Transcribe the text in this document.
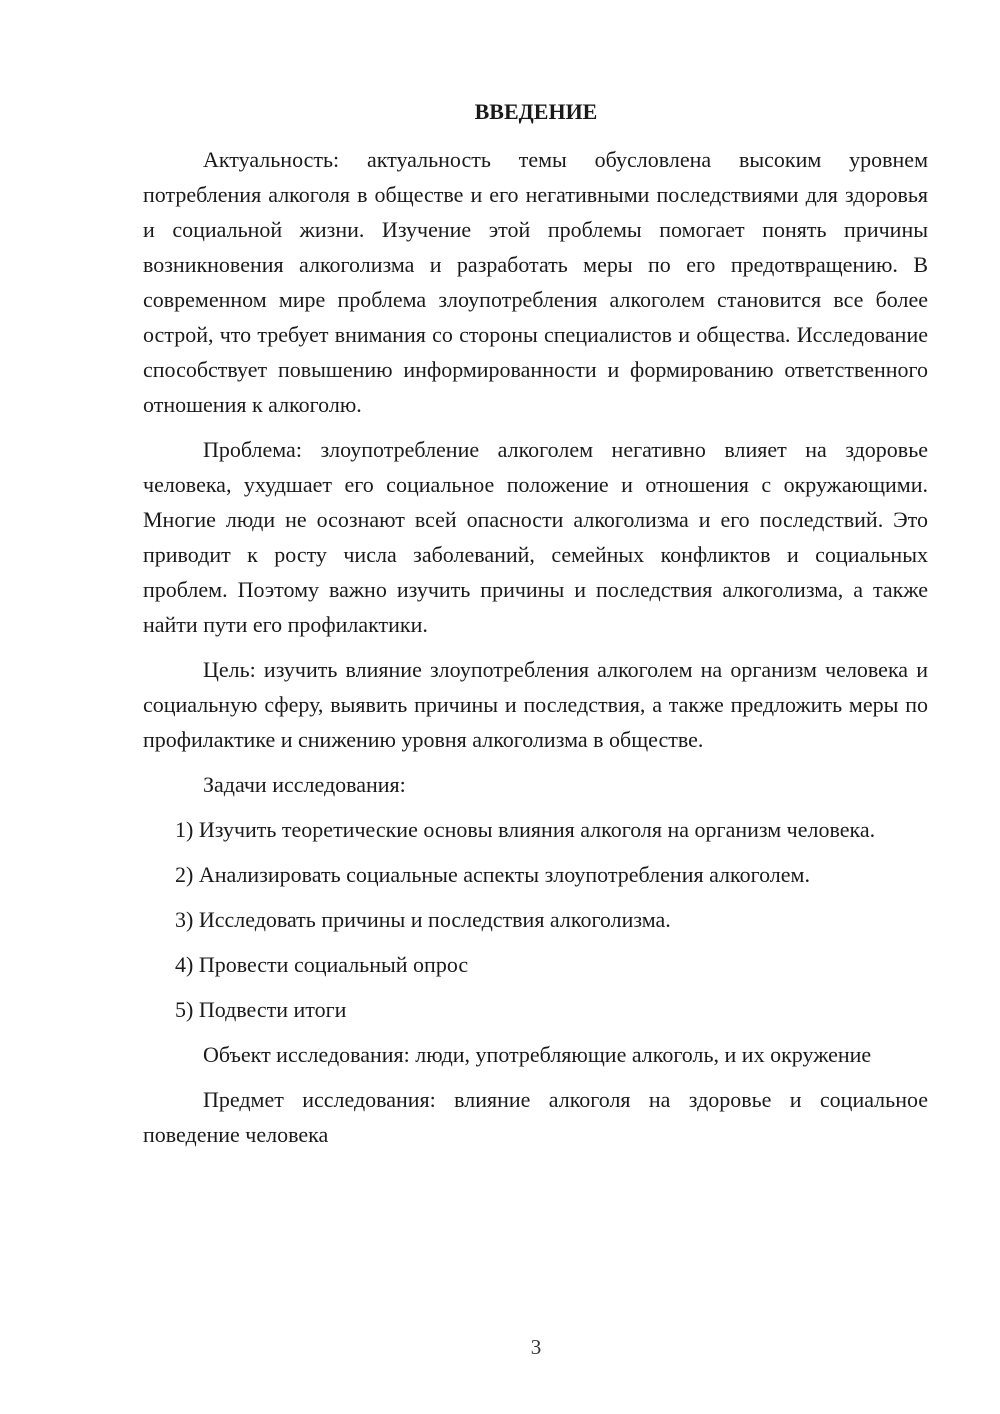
ВВЕДЕНИЕ

Актуальность: актуальность темы обусловлена высоким уровнем потребления алкоголя в обществе и его негативными последствиями для здоровья и социальной жизни. Изучение этой проблемы помогает понять причины возникновения алкоголизма и разработать меры по его предотвращению. В современном мире проблема злоупотребления алкоголем становится все более острой, что требует внимания со стороны специалистов и общества. Исследование способствует повышению информированности и формированию ответственного отношения к алкоголю.

Проблема: злоупотребление алкоголем негативно влияет на здоровье человека, ухудшает его социальное положение и отношения с окружающими. Многие люди не осознают всей опасности алкоголизма и его последствий. Это приводит к росту числа заболеваний, семейных конфликтов и социальных проблем. Поэтому важно изучить причины и последствия алкоголизма, а также найти пути его профилактики.

Цель: изучить влияние злоупотребления алкоголем на организм человека и социальную сферу, выявить причины и последствия, а также предложить меры по профилактике и снижению уровня алкоголизма в обществе.

Задачи исследования:

1) Изучить теоретические основы влияния алкоголя на организм человека.

2) Анализировать социальные аспекты злоупотребления алкоголем.

3) Исследовать причины и последствия алкоголизма.

4) Провести социальный опрос

5) Подвести итоги

Объект исследования: люди, употребляющие алкоголь, и их окружение

Предмет исследования: влияние алкоголя на здоровье и социальное поведение человека

3
